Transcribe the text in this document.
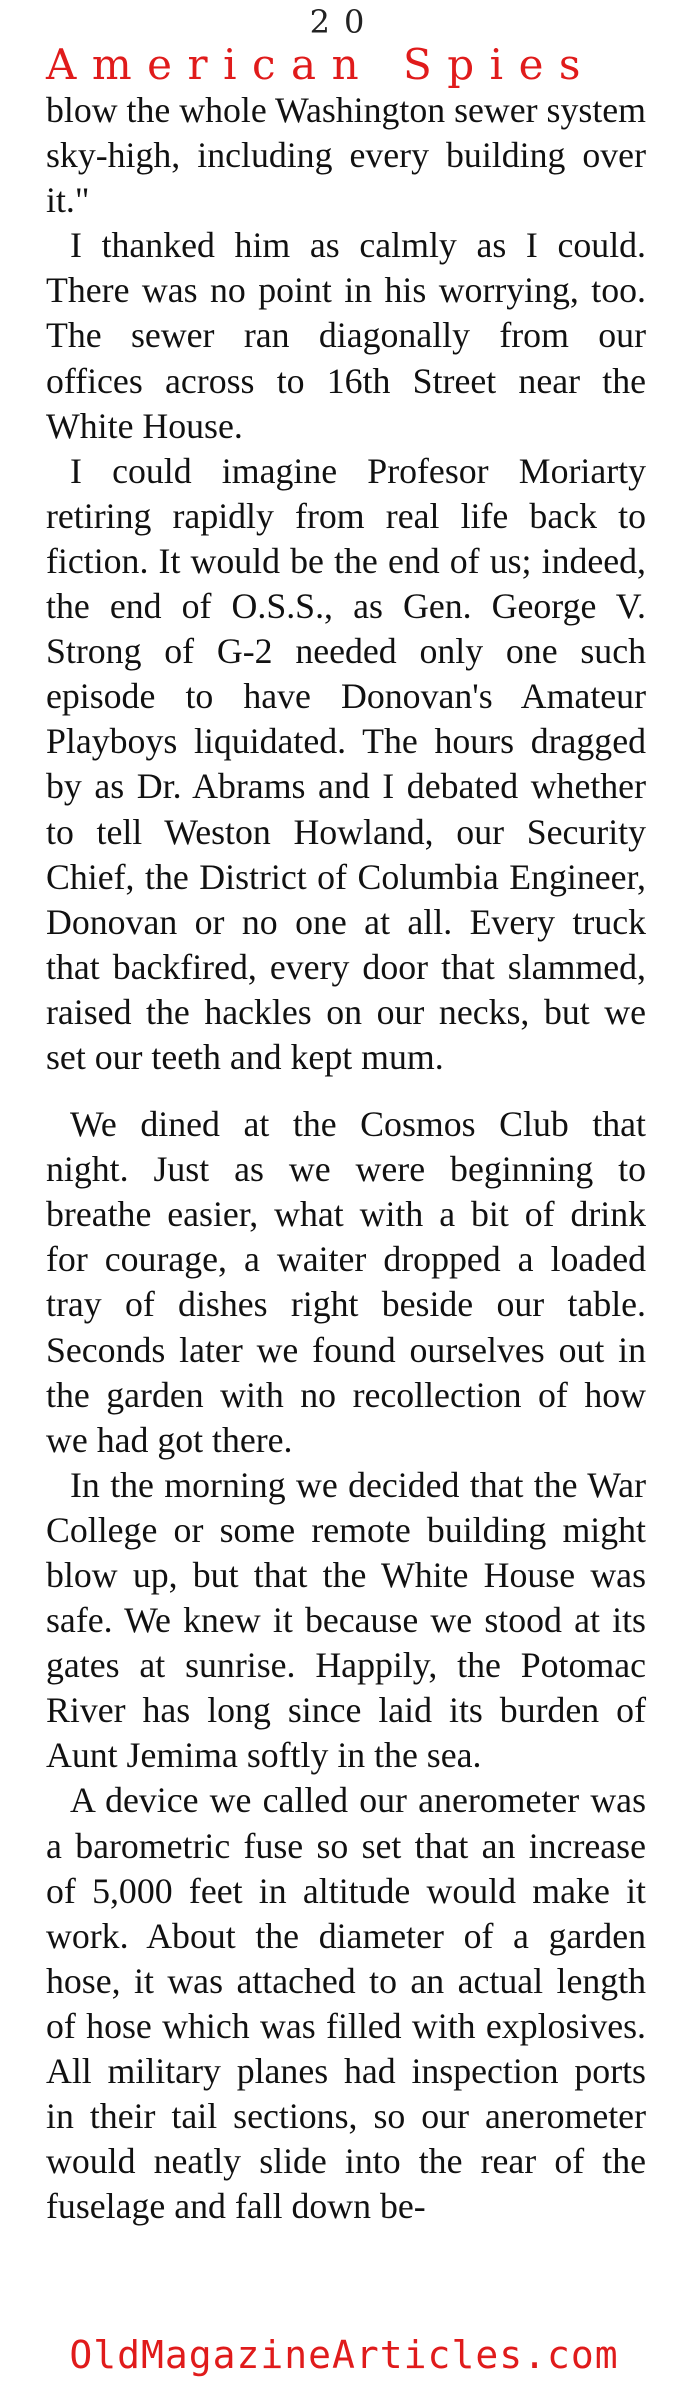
20
American Spies

blow the whole Washington sewer system sky-high, including every building over it."

I thanked him as calmly as I could. There was no point in his worrying, too. The sewer ran diagonally from our offices across to 16th Street near the White House.

I could imagine Profesor Moriarty retiring rapidly from real life back to fiction. It would be the end of us; indeed, the end of O.S.S., as Gen. George V. Strong of G-2 needed only one such episode to have Donovan's Amateur Playboys liquidated. The hours dragged by as Dr. Abrams and I debated whether to tell Weston Howland, our Security Chief, the District of Columbia Engineer, Donovan or no one at all. Every truck that backfired, every door that slammed, raised the hackles on our necks, but we set our teeth and kept mum.

We dined at the Cosmos Club that night. Just as we were beginning to breathe easier, what with a bit of drink for courage, a waiter dropped a loaded tray of dishes right beside our table. Seconds later we found ourselves out in the garden with no recollection of how we had got there.

In the morning we decided that the War College or some remote building might blow up, but that the White House was safe. We knew it because we stood at its gates at sunrise. Happily, the Potomac River has long since laid its burden of Aunt Jemima softly in the sea.

A device we called our anerometer was a barometric fuse so set that an increase of 5,000 feet in altitude would make it work. About the diameter of a garden hose, it was attached to an actual length of hose which was filled with explosives. All military planes had inspection ports in their tail sections, so our anerometer would neatly slide into the rear of the fuselage and fall down be-

OldMagazineArticles.com
